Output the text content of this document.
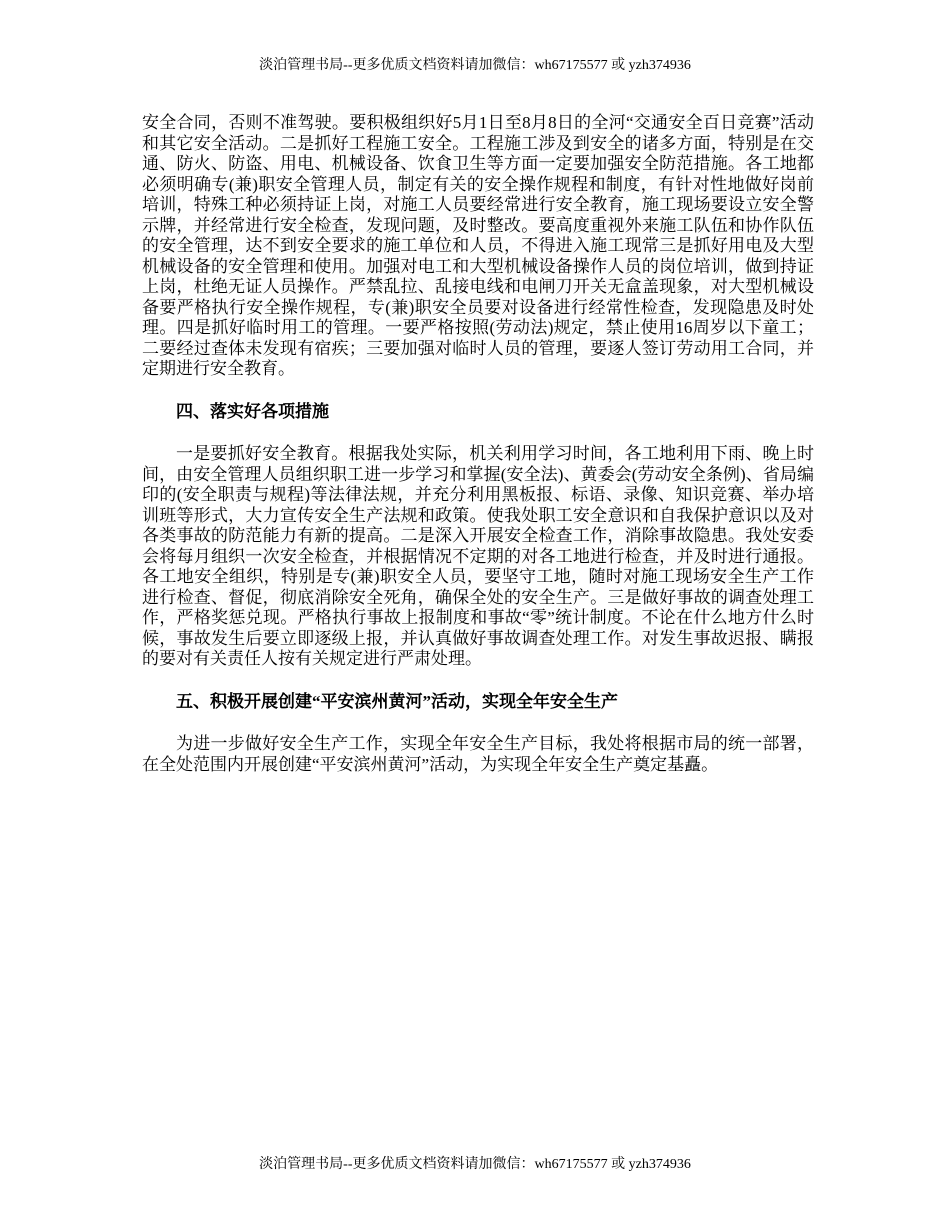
淡泊管理书局--更多优质文档资料请加微信：wh67175577 或 yzh374936

安全合同，否则不准驾驶。要积极组织好5月1日至8月8日的全河“交通安全百日竞赛”活动和其它安全活动。二是抓好工程施工安全。工程施工涉及到安全的诸多方面，特别是在交通、防火、防盗、用电、机械设备、饮食卫生等方面一定要加强安全防范措施。各工地都必须明确专(兼)职安全管理人员，制定有关的安全操作规程和制度，有针对性地做好岗前培训，特殊工种必须持证上岗，对施工人员要经常进行安全教育，施工现场要设立安全警示牌，并经常进行安全检查，发现问题，及时整改。要高度重视外来施工队伍和协作队伍的安全管理，达不到安全要求的施工单位和人员，不得进入施工现常三是抓好用电及大型机械设备的安全管理和使用。加强对电工和大型机械设备操作人员的岗位培训，做到持证上岗，杜绝无证人员操作。严禁乱拉、乱接电线和电闸刀开关无盒盖现象，对大型机械设备要严格执行安全操作规程，专(兼)职安全员要对设备进行经常性检查，发现隐患及时处理。四是抓好临时用工的管理。一要严格按照(劳动法)规定，禁止使用16周岁以下童工；二要经过查体未发现有宿疾；三要加强对临时人员的管理，要逐人签订劳动用工合同，并定期进行安全教育。

四、落实好各项措施

一是要抓好安全教育。根据我处实际，机关利用学习时间，各工地利用下雨、晚上时间，由安全管理人员组织职工进一步学习和掌握(安全法)、黄委会(劳动安全条例)、省局编印的(安全职责与规程)等法律法规，并充分利用黑板报、标语、录像、知识竞赛、举办培训班等形式，大力宣传安全生产法规和政策。使我处职工安全意识和自我保护意识以及对各类事故的防范能力有新的提高。二是深入开展安全检查工作，消除事故隐患。我处安委会将每月组织一次安全检查，并根据情况不定期的对各工地进行检查，并及时进行通报。各工地安全组织，特别是专(兼)职安全人员，要坚守工地，随时对施工现场安全生产工作进行检查、督促，彻底消除安全死角，确保全处的安全生产。三是做好事故的调查处理工作，严格奖惩兑现。严格执行事故上报制度和事故“零”统计制度。不论在什么地方什么时候，事故发生后要立即逐级上报，并认真做好事故调查处理工作。对发生事故迟报、瞒报的要对有关责任人按有关规定进行严肃处理。

五、积极开展创建“平安滨州黄河”活动，实现全年安全生产

为进一步做好安全生产工作，实现全年安全生产目标，我处将根据市局的统一部署，在全处范围内开展创建“平安滨州黄河”活动，为实现全年安全生产奠定基矗。

淡泊管理书局--更多优质文档资料请加微信：wh67175577 或 yzh374936
